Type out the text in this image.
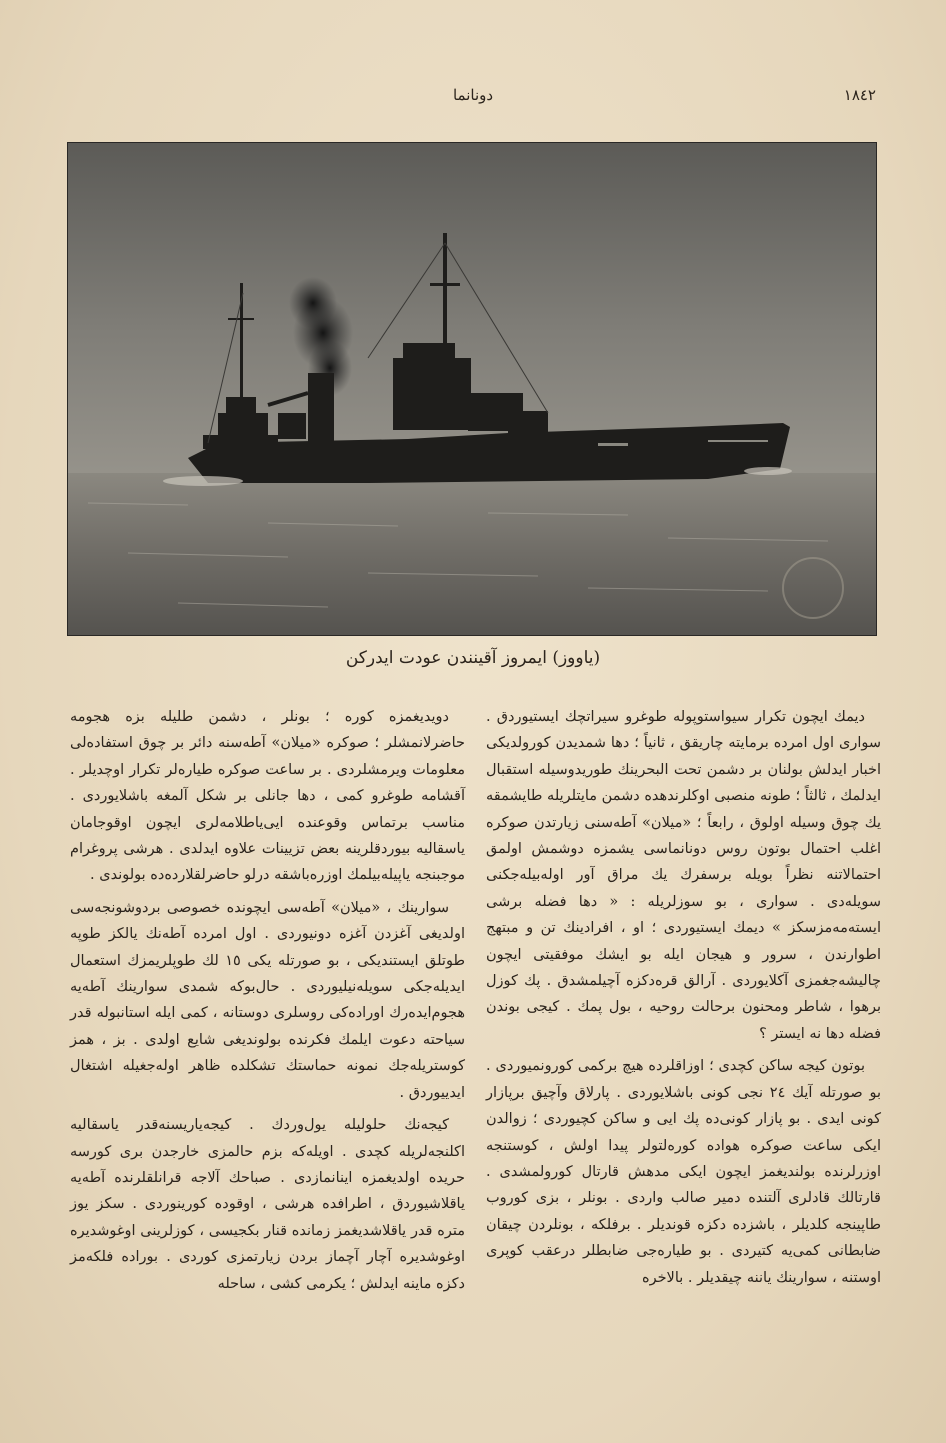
١٨٤٢
دونانما
(یاووز) ایمروز آقینندن عودت ایدرکن

دیمك ایچون تکرار سیواستوپوله طوغرو سیراتچك ایستیوردق . سواری اول امرده برمایته چاریقق ، ثانیاً ؛ دها شمدیدن کورولدیکی اخبار ایدلش بولنان بر دشمن تحت البحرینك طوریدوسیله استقبال ایدلمك ، ثالثاً ؛ طونه منصبی اوکلرندهده دشمن مایتلریله طایشمقه یك چوق وسیله اولوق ، رابعاً ؛ «میلان» آطه‌سنی زیارتدن صوکره اغلب احتمال بوتون روس دونانماسی یشمزه دوشمش اولمق احتمالاتنه نظراً بویله برسفرك یك مراق آور اوله‌بیله‌جکنی سویله‌دی . سواری ، بو سوزلریله : « دها فضله برشی ایسته‌مه‌مزسکز » دیمك ایستیوردی ؛ او ، افرادینك تن و مبتهج اطوارندن ، سرور و هیجان ایله بو ایشك موفقیتی ایچون چالیشه‌جغمزی آکلایوردی . آرالق قره‌دکزه آچیلمشدق . پك کوزل برهوا ، شاطر ومحنون برحالت روحیه ، بول پمك . کیجی بوندن فضله دها نه ایستر ؟

بوتون کیجه ساکن کچدی ؛ اوزاقلرده هیچ برکمی کورونمیوردی . بو صورتله آیك ٢٤ نجی کونی باشلایوردی . پارلاق وآچیق برپازار کونی ایدی . بو پازار کونی‌ده پك ایی و ساکن کچیوردی ؛ زوالدن ایکی ساعت صوکره هواده کوره‌لتولر پیدا اولش ، کوستنجه اوزرلرنده بولندیغمز ایچون ایکی مدهش قارتال کورولمشدی . قارتالك قادلری آلتنده دمیر صالب واردی . بونلر ، بزی کوروب طاپینجه کلدیلر ، باشزده دکزه قونديلر . برفلکه ، بونلردن چیقان ضابطانی کمی‌یه کتیردی . بو طیاره‌جی ضابطلر درعقب کوپری اوستنه ، سوارینك یاننه چیقدیلر . بالاخره

دویدیغمزه کوره ؛ بونلر ، دشمن طلیله بزه هجومه حاضرلانمشلر ؛ صوکره «میلان» آطه‌سنه دائر بر چوق استفاده‌لی معلومات ویرمشلردی . بر ساعت صوکره طیاره‌لر تکرار اوچدیلر . آقشامه طوغرو کمی ، دها جانلی بر شکل آلمغه باشلایوردی . مناسب برتماس وقوعنده ایی‌یاطلامه‌لری ایچون اوقوجامان یاسقالیه بیوردقلرینه بعض تزیینات علاوه ایدلدی . هرشی پروغرام موجبنجه یاپیله‌بیلمك اوزره‌باشقه درلو حاضرلقلارده‌ده بولوندی .

سوارینك ، «میلان» آطه‌سی ایچونده خصوصی بردوشونجه‌سی اولدیغی آغزدن آغزه دونیوردی . اول امرده آطه‌نك یالکز طوپه طوتلق ایستندیکی ، بو صورتله یکی ١٥ لك طوپلریمزك استعمال ایدیله‌جکی سویله‌نیلیوردی . حال‌بوکه شمدی سوارینك آطه‌یه هجوم‌ایده‌رك اوراده‌کی روسلری دوستانه ، کمی ایله استانبوله قدر سیاحته دعوت ایلمك فکرنده بولوندیغی شایع اولدی . بز ، همز کوستریله‌جك نمونه حماستك تشکلده ظاهر اوله‌جغیله اشتغال ایدییوردق .

کیجه‌نك حلولیله یول‌وردك . کیجه‌یاریسنه‌قدر یاسقالیه اکلنجه‌لریله کچدی . اویله‌که بزم حالمزی خارجدن بری کورسه حریده اولدیغمزه اینانمازدی . صباحك آلاجه قرانلقلرنده آطه‌یه یاقلاشیوردق ، اطرافده هرشی ، اوقوده کورینوردی . سکز یوز متره قدر یاقلاشدیغمز زمانده قنار بکجیسی ، کوزلرینی اوغوشدیره اوغوشدیره آچار آچماز بردن زیارتمزی کوردی . بوراده فلکه‌مز دکزه ماینه ایدلش ؛ یکرمی کشی ، ساحله
